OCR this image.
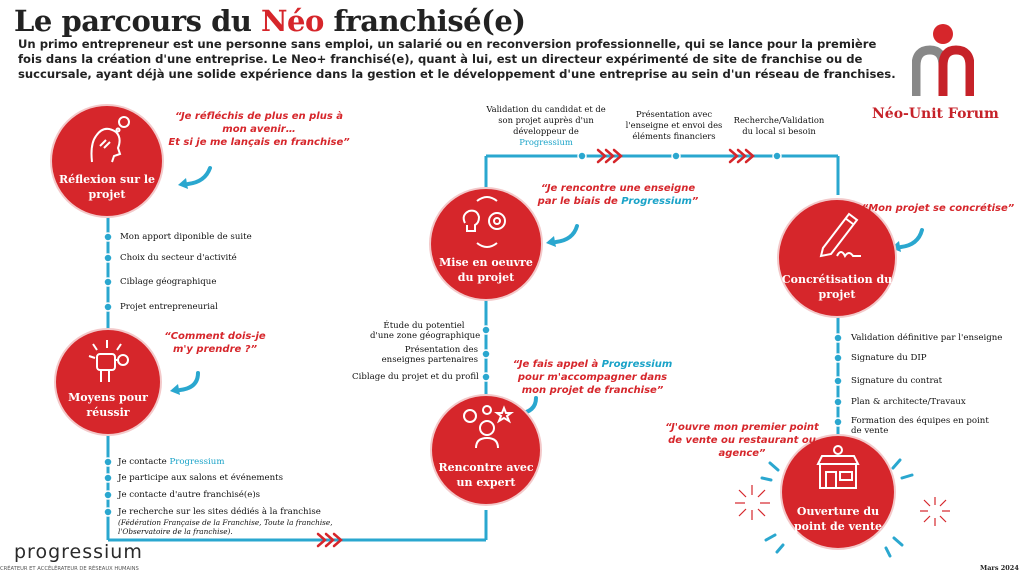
Le parcours du Néo franchisé(e)
Un primo entrepreneur est une personne sans emploi, un salarié ou en reconversion professionnelle, qui se lance pour la première fois dans la création d'une entreprise. Le Neo+ franchisé(e), quant à lui, est un directeur expérimenté de site de franchise ou de succursale, ayant déjà une solide expérience dans la gestion et le développement d'une entreprise au sein d'un réseau de franchises.
Néo-Unit Forum
Réflexion sur le
projet
“Je réfléchis de plus en plus à
mon avenir…
Et si je me lançais en franchise”
Mon apport diponible de suite
Choix du secteur d'activité
Ciblage géographique
Projet entrepreneurial
Moyens pour
réussir
“Comment dois-je
m'y prendre ?”
Je contacte Progressium
Je participe aux salons et événements
Je contacte d'autre franchisé(e)s
Je recherche sur les sites dédiés à la franchise
(Fédération Française de la Franchise, Toute la franchise,
l'Observatoire de la franchise).
Rencontre avec
un expert
“Je fais appel à Progressium
pour m'accompagner dans
mon projet de franchise”
Étude du potentiel
d'une zone géographique
Présentation des
enseignes partenaires
Ciblage du projet et du profil
Mise en oeuvre
du projet
“Je rencontre une enseigne
par le biais de Progressium”
Validation du candidat et de
son projet auprès d'un
développeur de
Progressium
Présentation avec
l'enseigne et envoi des
éléments financiers
Recherche/Validation
du local si besoin
Concrétisation du
projet
“Mon projet se concrétise”
Validation définitive par l'enseigne
Signature du DIP
Signature du contrat
Plan & architecte/Travaux
Formation des équipes en point
de vente
Ouverture du
point de vente
“J'ouvre mon premier point
de vente ou restaurant ou
agence”
progressium
CRÉATEUR ET ACCÉLÉRATEUR DE RÉSEAUX HUMAINS	Mars 2024
